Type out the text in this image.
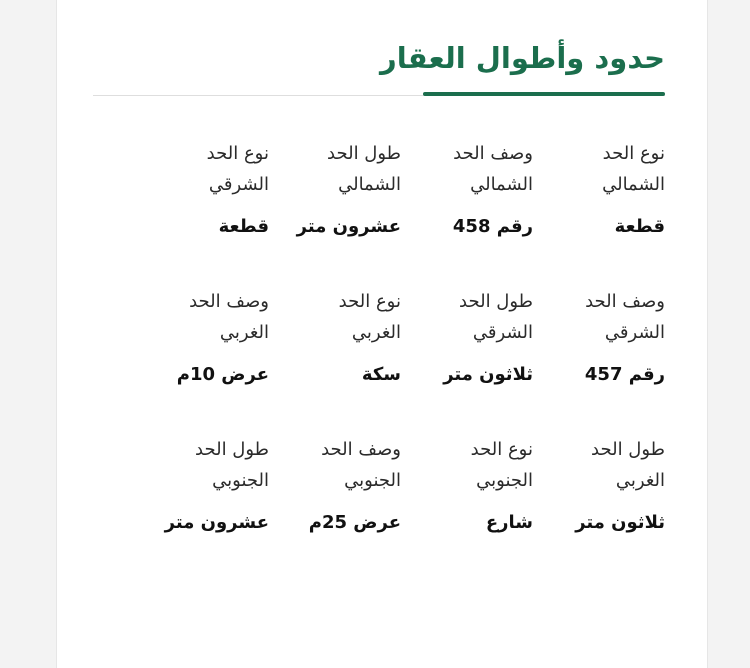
حدود وأطوال العقار
نوع الحد
الشمالي
قطعة
وصف الحد
الشمالي
رقم 458
طول الحد
الشمالي
عشرون متر
نوع الحد
الشرقي
قطعة
وصف الحد
الشرقي
رقم 457
طول الحد
الشرقي
ثلاثون متر
نوع الحد
الغربي
سكة
وصف الحد
الغربي
عرض 10م
طول الحد
الغربي
ثلاثون متر
نوع الحد
الجنوبي
شارع
وصف الحد
الجنوبي
عرض 25م
طول الحد
الجنوبي
عشرون متر
